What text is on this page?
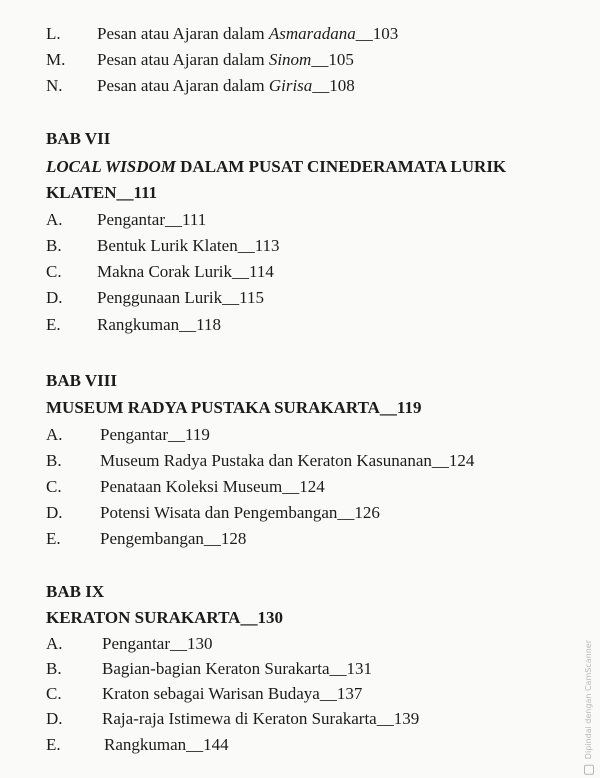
L. Pesan atau Ajaran dalam Asmaradana__103
M. Pesan atau Ajaran dalam Sinom__105
N. Pesan atau Ajaran dalam Girisa__108
BAB VII
LOCAL WISDOM DALAM PUSAT CINEDERAMATA LURIK
KLATEN__111
A. Pengantar__111
B. Bentuk Lurik Klaten__113
C. Makna Corak Lurik__114
D. Penggunaan Lurik__115
E. Rangkuman__118
BAB VIII
MUSEUM RADYA PUSTAKA SURAKARTA__119
A. Pengantar__119
B. Museum Radya Pustaka dan Keraton Kasunanan__124
C. Penataan Koleksi Museum__124
D. Potensi Wisata dan Pengembangan__126
E. Pengembangan__128
BAB IX
KERATON SURAKARTA__130
A. Pengantar__130
B. Bagian-bagian Keraton Surakarta__131
C. Kraton sebagai Warisan Budaya__137
D. Raja-raja Istimewa di Keraton Surakarta__139
E.	Rangkuman__144	Dipindai dengan CamScanner
